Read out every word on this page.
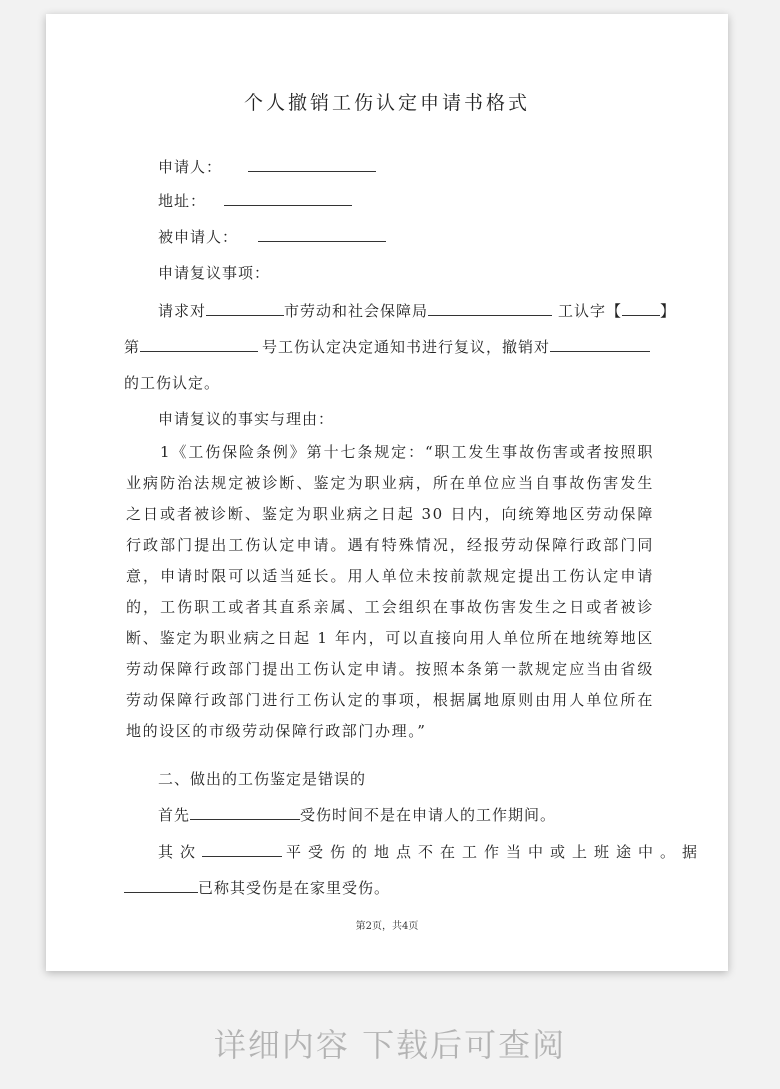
个人撤销工伤认定申请书格式
申请人：
地址：
被申请人：
申请复议事项：
请求对	市劳动和社会保障局	工认字【	】
第	号工伤认定决定通知书进行复议，撤销对
的工伤认定。
申请复议的事实与理由：
1《工伤保险条例》第十七条规定：“职工发生事故伤害或者按照职业病防治法规定被诊断、鉴定为职业病，所在单位应当自事故伤害发生之日或者被诊断、鉴定为职业病之日起 30 日内，向统筹地区劳动保障行政部门提出工伤认定申请。遇有特殊情况，经报劳动保障行政部门同意，申请时限可以适当延长。用人单位未按前款规定提出工伤认定申请的，工伤职工或者其直系亲属、工会组织在事故伤害发生之日或者被诊断、鉴定为职业病之日起 1 年内，可以直接向用人单位所在地统筹地区劳动保障行政部门提出工伤认定申请。按照本条第一款规定应当由省级劳动保障行政部门进行工伤认定的事项，根据属地原则由用人单位所在地的设区的市级劳动保障行政部门办理。”
二、做出的工伤鉴定是错误的
首先	受伤时间不是在申请人的工作期间。
其次	平受伤的地点不在工作当中或上班途中。据
已称其受伤是在家里受伤。
第2页，共4页
详细内容 下载后可查阅
